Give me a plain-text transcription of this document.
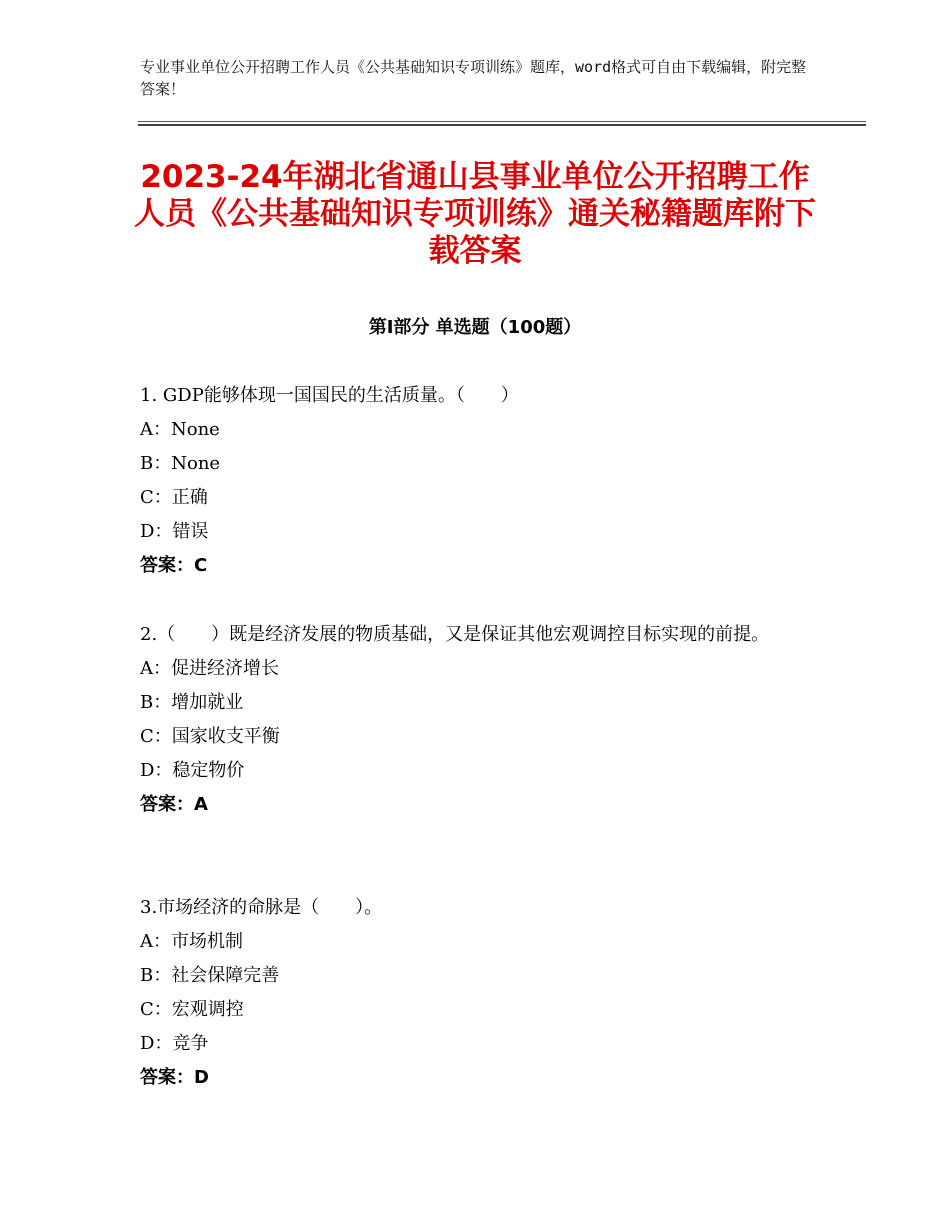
专业事业单位公开招聘工作人员《公共基础知识专项训练》题库，word格式可自由下载编辑，附完整答案！
2023-24年湖北省通山县事业单位公开招聘工作人员《公共基础知识专项训练》通关秘籍题库附下载答案
第Ⅰ部分 单选题（100题）

1. GDP能够体现一国国民的生活质量。（　　）

A：None

B：None

C：正确

D：错误

答案：C

2.（　　）既是经济发展的物质基础，又是保证其他宏观调控目标实现的前提。

A：促进经济增长

B：增加就业

C：国家收支平衡

D：稳定物价

答案：A

3.市场经济的命脉是（　　）。

A：市场机制

B：社会保障完善

C：宏观调控

D：竞争

答案：D
